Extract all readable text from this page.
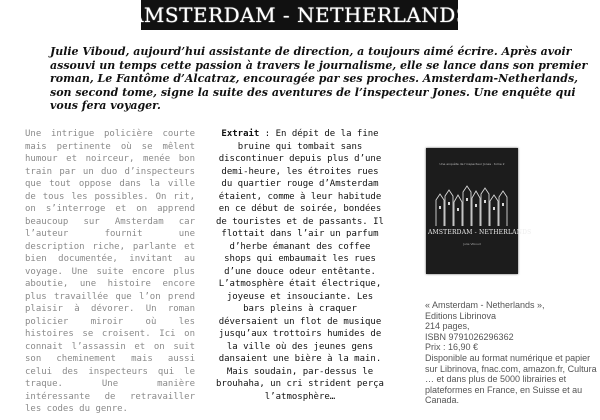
AMSTERDAM - NETHERLANDS

Julie Viboud, aujourd’hui assistante de direction, a toujours aimé écrire. Après avoir assouvi un temps cette passion à travers le journalisme, elle se lance dans son premier roman, Le Fantôme d’Alcatraz, encouragée par ses proches. Amsterdam-Netherlands, son second tome, signe la suite des aventures de l’inspecteur Jones. Une enquête qui vous fera voyager.

Une intrigue policière courte mais pertinente où se mêlent humour et noirceur, menée bon train par un duo d’inspecteurs que tout oppose dans la ville de tous les possibles. On rit, on s’interroge et on apprend beaucoup sur Amsterdam car l’auteur fournit une description riche, parlante et bien documentée, invitant au voyage. Une suite encore plus aboutie, une histoire encore plus travaillée que l’on prend plaisir à dévorer. Un roman policier miroir où les histoires se croisent. Ici on connait l’assassin et on suit son cheminement mais aussi celui des inspecteurs qui le traque. Une manière intéressante de retravailler les codes du genre.

Extrait : En dépit de la fine bruine qui tombait sans discontinuer depuis plus d’une demi-heure, les étroites rues du quartier rouge d’Amsterdam étaient, comme à leur habitude en ce début de soirée, bondées de touristes et de passants. Il flottait dans l’air un parfum d’herbe émanant des coffee shops qui embaumait les rues d’une douce odeur entêtante. L’atmosphère était électrique, joyeuse et insouciante. Les bars pleins à craquer déversaient un flot de musique jusqu’aux trottoirs humides de la ville où des jeunes gens dansaient une bière à la main. Mais soudain, par-dessus le brouhaha, un cri strident perça l’atmosphère…

Une enquête de l’inspecteur Jones · tome 2
AMSTERDAM - NETHERLANDS
Julie Viboud
« Amsterdam - Netherlands »,
Editions Librinova
214 pages,
ISBN 9791026296362
Prix : 16,90 €
Disponible au format numérique et papier sur Librinova, fnac.com, amazon.fr, Cultura … et dans plus de 5000 librairies et plateformes en France, en Suisse et au Canada.
